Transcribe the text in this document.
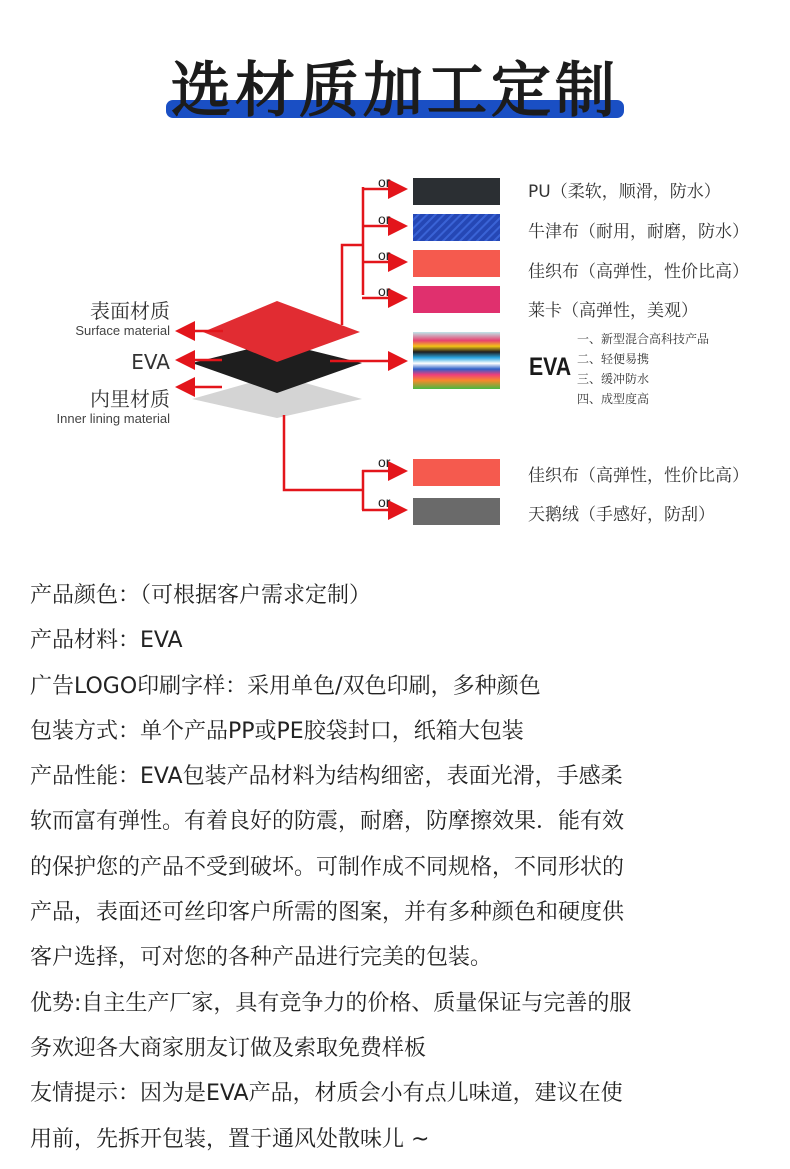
选材质加工定制
or
or
or
or
or
or
表面材质
Surface material
EVA
内里材质
Inner lining material
PU（柔软，顺滑，防水）
牛津布（耐用，耐磨，防水）
佳织布（高弹性，性价比高）
莱卡（高弹性，美观）
EVA
一、新型混合高科技产品
二、轻便易携
三、缓冲防水
四、成型度高
佳织布（高弹性，性价比高）
天鹅绒（手感好，防刮）

产品颜色：（可根据客户需求定制）

产品材料：EVA

广告LOGO印刷字样：采用单色/双色印刷，多种颜色

包装方式：单个产品PP或PE胶袋封口，纸箱大包装

产品性能：EVA包装产品材料为结构细密，表面光滑，手感柔

软而富有弹性。有着良好的防震，耐磨，防摩擦效果．能有效

的保护您的产品不受到破坏。可制作成不同规格，不同形状的

产品，表面还可丝印客户所需的图案，并有多种颜色和硬度供

客户选择，可对您的各种产品进行完美的包装。

优势:自主生产厂家，具有竞争力的价格、质量保证与完善的服

务欢迎各大商家朋友订做及索取免费样板

友情提示：因为是EVA产品，材质会小有点儿味道，建议在使

用前，先拆开包装，置于通风处散味儿 ~
